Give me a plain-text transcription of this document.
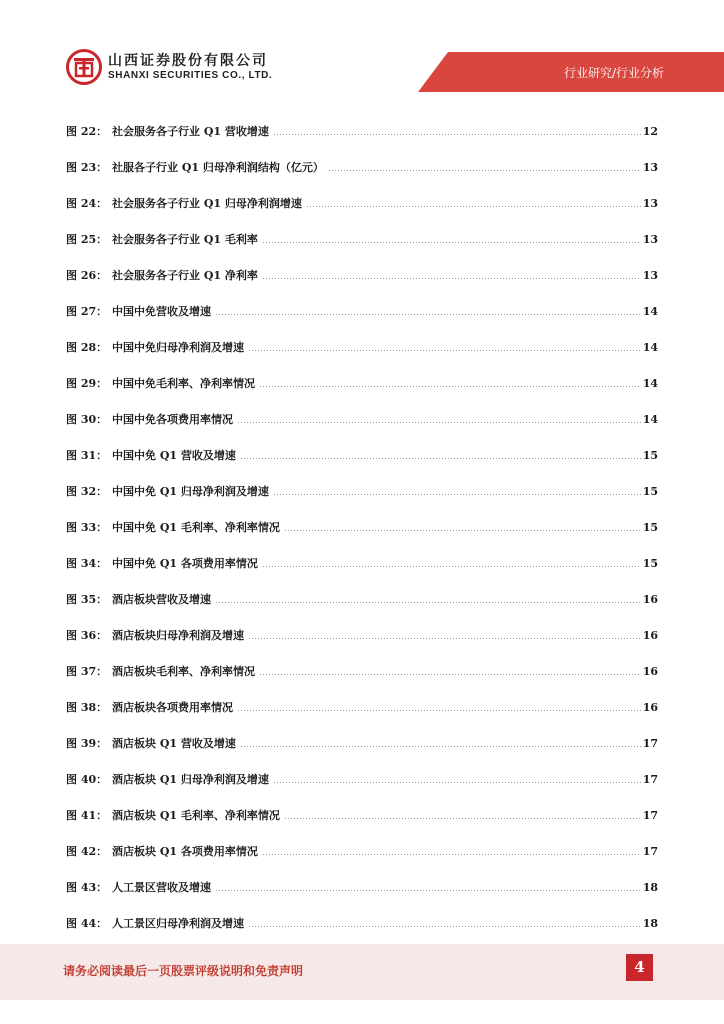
山西证券股份有限公司
SHANXI SECURITIES CO., LTD.	行业研究/行业分析
图 22： 社会服务各子行业 Q1 营收增速	12
图 23： 社服各子行业 Q1 归母净利润结构（亿元）	13
图 24： 社会服务各子行业 Q1 归母净利润增速	13
图 25： 社会服务各子行业 Q1 毛利率	13
图 26： 社会服务各子行业 Q1 净利率	13
图 27： 中国中免营收及增速	14
图 28： 中国中免归母净利润及增速	14
图 29： 中国中免毛利率、净利率情况	14
图 30： 中国中免各项费用率情况	14
图 31： 中国中免 Q1 营收及增速	15
图 32： 中国中免 Q1 归母净利润及增速	15
图 33： 中国中免 Q1 毛利率、净利率情况	15
图 34： 中国中免 Q1 各项费用率情况	15
图 35： 酒店板块营收及增速	16
图 36： 酒店板块归母净利润及增速	16
图 37： 酒店板块毛利率、净利率情况	16
图 38： 酒店板块各项费用率情况	16
图 39： 酒店板块 Q1 营收及增速	17
图 40： 酒店板块 Q1 归母净利润及增速	17
图 41： 酒店板块 Q1 毛利率、净利率情况	17
图 42： 酒店板块 Q1 各项费用率情况	17
图 43： 人工景区营收及增速	18
图 44： 人工景区归母净利润及增速	18
请务必阅读最后一页股票评级说明和免责声明	4
